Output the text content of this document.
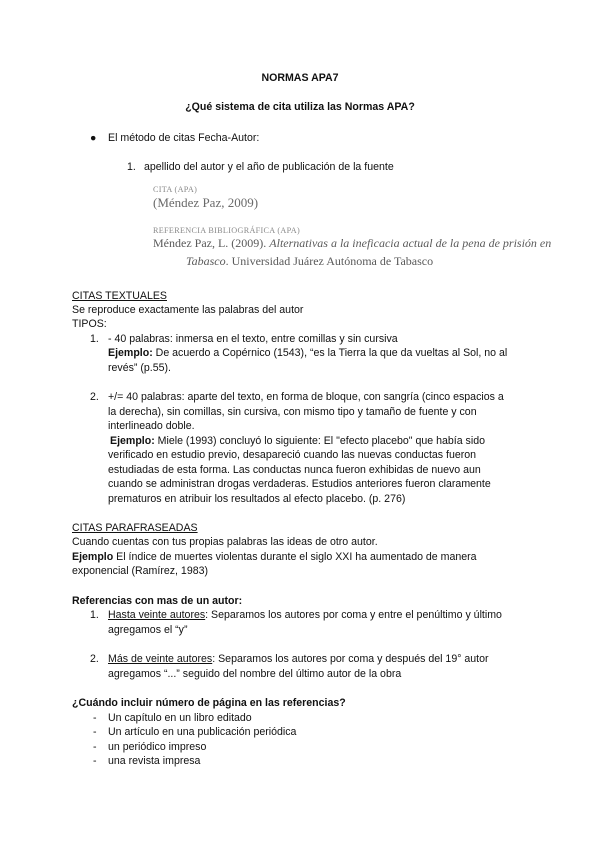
NORMAS APA7
¿Qué sistema de cita utiliza las Normas APA?
● El método de citas Fecha-Autor:
1. apellido del autor y el año de publicación de la fuente
CITA (APA)
(Méndez Paz, 2009)
REFERENCIA BIBLIOGRÁFICA (APA)
Méndez Paz, L. (2009). Alternativas a la ineficacia actual de la pena de prisión en
Tabasco. Universidad Juárez Autónoma de Tabasco
CITAS TEXTUALES
Se reproduce exactamente las palabras del autor
TIPOS:
1. - 40 palabras: inmersa en el texto, entre comillas y sin cursiva
Ejemplo: De acuerdo a Copérnico (1543), “es la Tierra la que da vueltas al Sol, no al
revés” (p.55).
2. +/= 40 palabras: aparte del texto, en forma de bloque, con sangría (cinco espacios a
la derecha), sin comillas, sin cursiva, con mismo tipo y tamaño de fuente y con
interlineado doble.
Ejemplo: Miele (1993) concluyó lo siguiente: El "efecto placebo" que había sido
verificado en estudio previo, desapareció cuando las nuevas conductas fueron
estudiadas de esta forma. Las conductas nunca fueron exhibidas de nuevo aun
cuando se administran drogas verdaderas. Estudios anteriores fueron claramente
prematuros en atribuir los resultados al efecto placebo. (p. 276)
CITAS PARAFRASEADAS
Cuando cuentas con tus propias palabras las ideas de otro autor.
Ejemplo El índice de muertes violentas durante el siglo XXI ha aumentado de manera
exponencial (Ramírez, 1983)
Referencias con mas de un autor:
1. Hasta veinte autores: Separamos los autores por coma y entre el penúltimo y último
agregamos el “y”
2. Más de veinte autores: Separamos los autores por coma y después del 19° autor
agregamos “...” seguido del nombre del último autor de la obra
¿Cuándo incluir número de página en las referencias?
- Un capítulo en un libro editado
- Un artículo en una publicación periódica
- un periódico impreso
- una revista impresa
